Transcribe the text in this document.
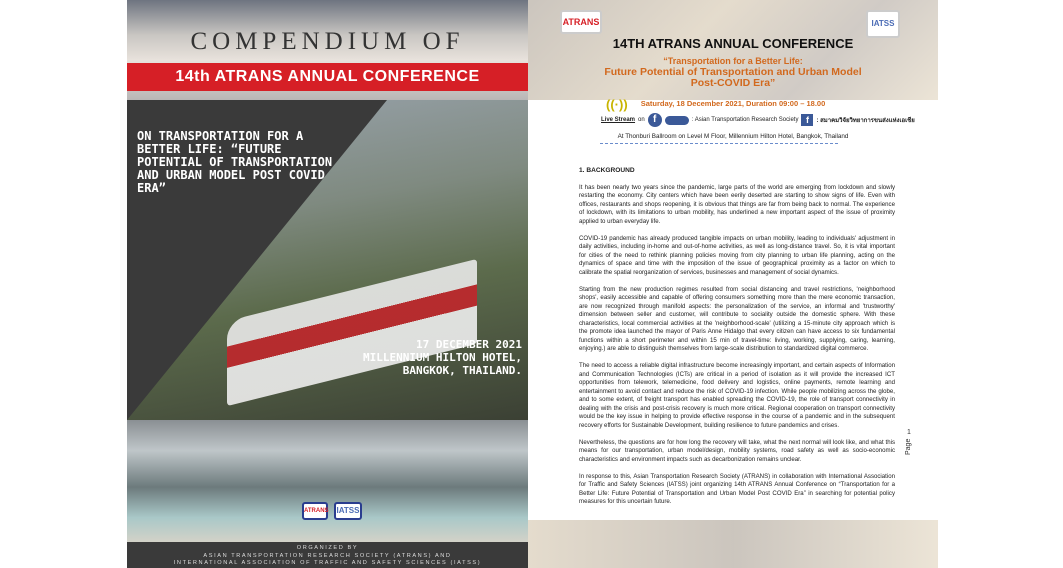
COMPENDIUM OF
14th ATRANS ANNUAL CONFERENCE
ON TRANSPORTATION FOR A BETTER LIFE: “FUTURE POTENTIAL OF TRANSPORTATION AND URBAN MODEL POST COVID ERA”
17 DECEMBER 2021
MILLENNIUM HILTON HOTEL,
BANGKOK, THAILAND.
ATRANS IATSS
ORGANIZED BY
ASIAN TRANSPORTATION RESEARCH SOCIETY (ATRANS) AND
INTERNATIONAL ASSOCIATION OF TRAFFIC AND SAFETY SCIENCES (IATSS)
ATRANS	IATSS
14TH ATRANS ANNUAL CONFERENCE
“Transportation for a Better Life:
Future Potential of Transportation and Urban Model
Post-COVID Era”
((·))	Saturday, 18 December 2021, Duration 09:00 – 18.00
Live Stream on f	: Asian Transportation Research Society f	: สมาคมวิจัยวิทยาการขนส่งแห่งเอเชีย
At Thonburi Ballroom on Level M Floor, Millennium Hilton Hotel, Bangkok, Thailand
1. BACKGROUND

It has been nearly two years since the pandemic, large parts of the world are emerging from lockdown and slowly restarting the economy. City centers which have been eerily deserted are starting to show signs of life. Even with offices, restaurants and shops reopening, it is obvious that things are far from being back to normal. The experience of lockdown, with its limitations to urban mobility, has underlined a new important aspect of the issue of proximity applied to urban everyday life.

COVID-19 pandemic has already produced tangible impacts on urban mobility, leading to individuals' adjustment in daily activities, including in-home and out-of-home activities, as well as long-distance travel. So, it is vital important for cities of the need to rethink planning policies moving from city planning to urban life planning, acting on the dynamics of space and time with the imposition of the issue of geographical proximity as a factor on which to calibrate the spatial reorganization of services, businesses and management of social dynamics.

Starting from the new production regimes resulted from social distancing and travel restrictions, 'neighborhood shops', easily accessible and capable of offering consumers something more than the mere economic transaction, are now recognized through manifold aspects: the personalization of the service, an informal and 'trustworthy' dimension between seller and customer, will contribute to sociality outside the domestic sphere. With these characteristics, local commercial activities at the 'neighborhood-scale' (utilizing a 15-minute city approach which is the promote idea launched the mayor of Paris Anne Hidalgo that every citizen can have access to six fundamental functions within a short perimeter and within 15 min of travel-time: living, working, supplying, caring, learning, enjoying.) are able to distinguish themselves from large-scale distribution to standardized digital commerce.

The need to access a reliable digital infrastructure become increasingly important, and certain aspects of Information and Communication Technologies (ICTs) are critical in a period of isolation as it will provide the increased ICT opportunities from telework, telemedicine, food delivery and logistics, online payments, remote learning and entertainment to avoid contact and reduce the risk of COVID-19 infection. While people mobilizing across the globe, and to some extent, of freight transport has enabled spreading the COVID-19, the role of transport connectivity in dealing with the crisis and post-crisis recovery is much more critical. Regional cooperation on transport connectivity would be the key issue in helping to provide effective response in the course of a pandemic and in the subsequent recovery efforts for Sustainable Development, building resilience to future pandemics and crises.

Nevertheless, the questions are for how long the recovery will take, what the next normal will look like, and what this means for our transportation, urban model/design, mobility systems, road safety as well as socio-economic characteristics and environment impacts such as decarbonization remains unclear.

In response to this, Asian Transportation Research Society (ATRANS) in collaboration with International Association for Traffic and Safety Sciences (IATSS) joint organizing 14th ATRANS Annual Conference on “Transportation for a Better Life: Future Potential of Transportation and Urban Model Post COVID Era” in searching for potential policy measures for this uncertain future.

Page
1
